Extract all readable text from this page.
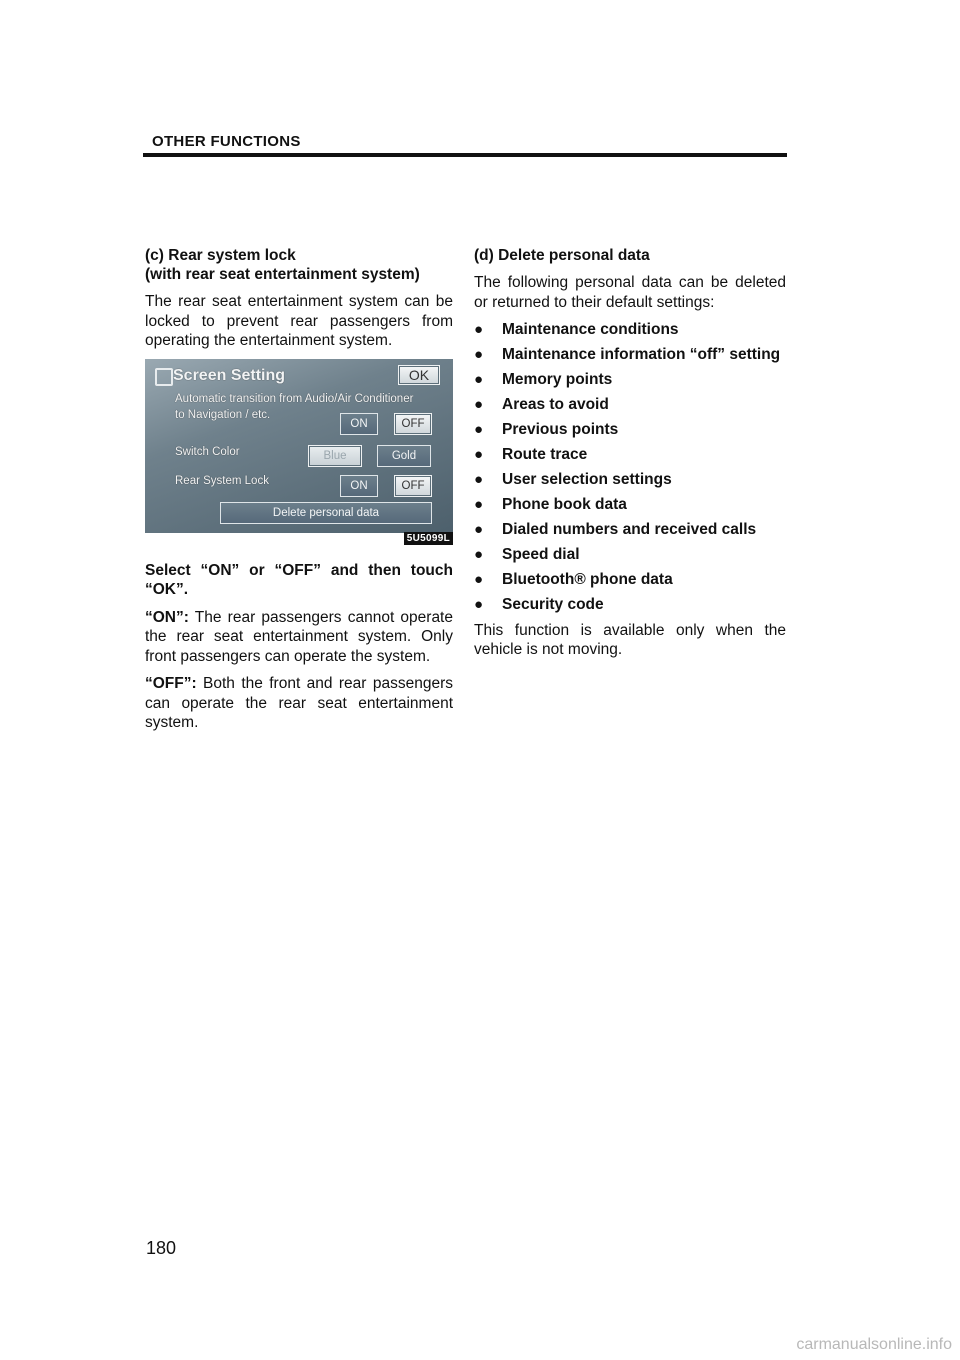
OTHER FUNCTIONS
(c) Rear system lock
(with rear seat entertainment system)

The rear seat entertainment system can be locked to prevent rear passengers from operating the entertainment system.

Screen Setting	OK
Automatic transition from Audio/Air Conditioner
to Navigation / etc.
ON	OFF
Switch Color	Blue	Gold
Rear System Lock	ON	OFF
Delete personal data
5U5099L

Select “ON” or “OFF” and then touch “OK”.

“ON”: The rear passengers cannot operate the rear seat entertainment system. Only front passengers can operate the system.

“OFF”: Both the front and rear passengers can operate the rear seat entertainment system.

(d) Delete personal data

The following personal data can be deleted or returned to their default settings:

● Maintenance conditions
● Maintenance information “off” setting
● Memory points
● Areas to avoid
● Previous points
● Route trace
● User selection settings
● Phone book data
● Dialed numbers and received calls
● Speed dial
● Bluetooth® phone data
● Security code

This function is available only when the vehicle is not moving.

180
carmanualsonline.info
